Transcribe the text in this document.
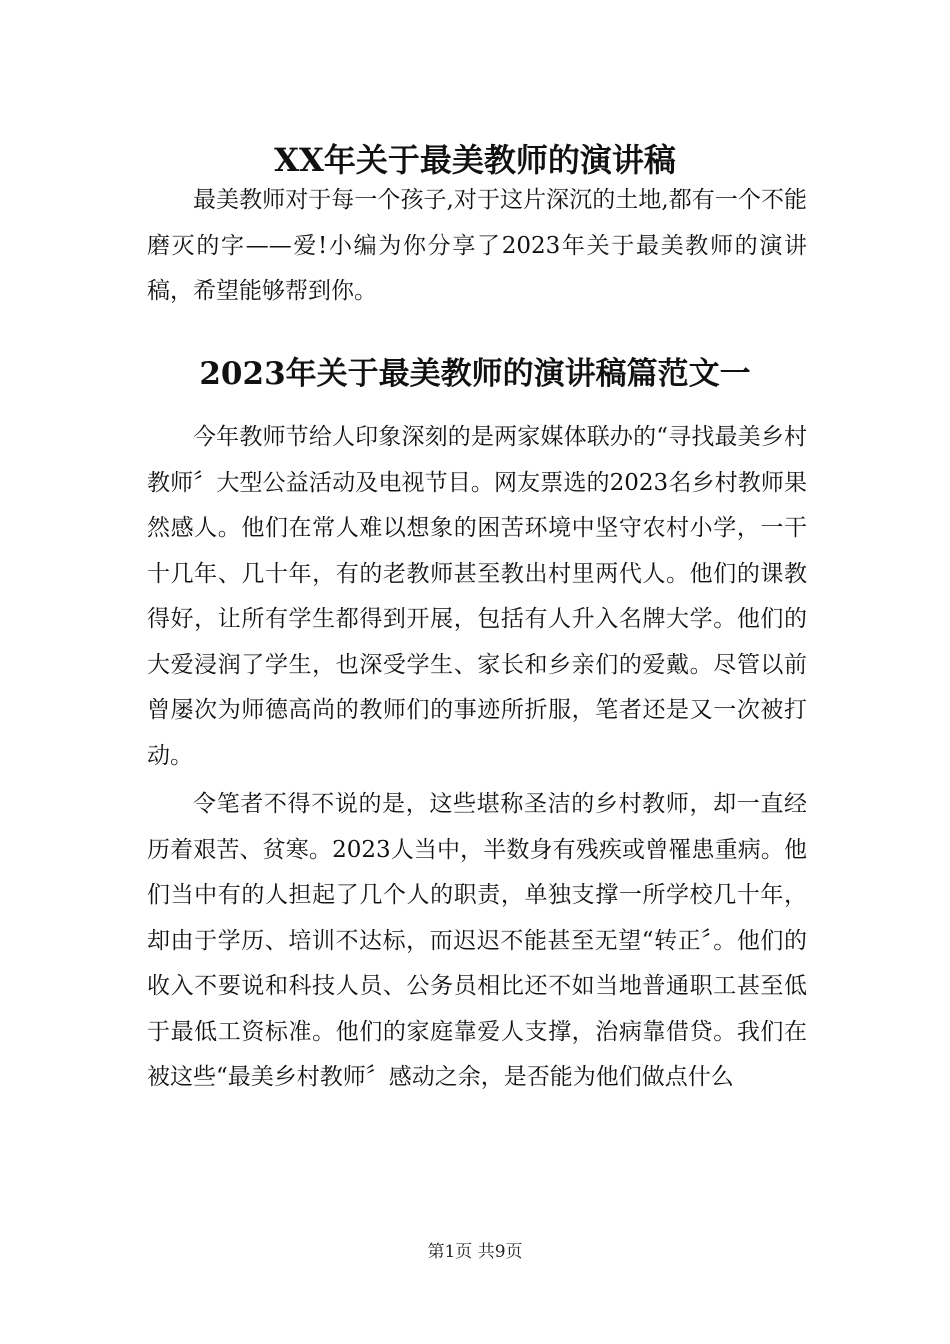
XX年关于最美教师的演讲稿

最美教师对于每一个孩子,对于这片深沉的土地,都有一个不能磨灭的字——爱!小编为你分享了2023年关于最美教师的演讲稿，希望能够帮到你。

2023年关于最美教师的演讲稿篇范文一

今年教师节给人印象深刻的是两家媒体联办的“寻找最美乡村教师〞大型公益活动及电视节目。网友票选的2023名乡村教师果然感人。他们在常人难以想象的困苦环境中坚守农村小学，一干十几年、几十年，有的老教师甚至教出村里两代人。他们的课教得好，让所有学生都得到开展，包括有人升入名牌大学。他们的大爱浸润了学生，也深受学生、家长和乡亲们的爱戴。尽管以前曾屡次为师德高尚的教师们的事迹所折服，笔者还是又一次被打动。

令笔者不得不说的是，这些堪称圣洁的乡村教师，却一直经历着艰苦、贫寒。2023人当中，半数身有残疾或曾罹患重病。他们当中有的人担起了几个人的职责，单独支撑一所学校几十年，却由于学历、培训不达标，而迟迟不能甚至无望“转正〞。他们的收入不要说和科技人员、公务员相比还不如当地普通职工甚至低于最低工资标准。他们的家庭靠爱人支撑，治病靠借贷。我们在被这些“最美乡村教师〞感动之余，是否能为他们做点什么

第1页 共9页
